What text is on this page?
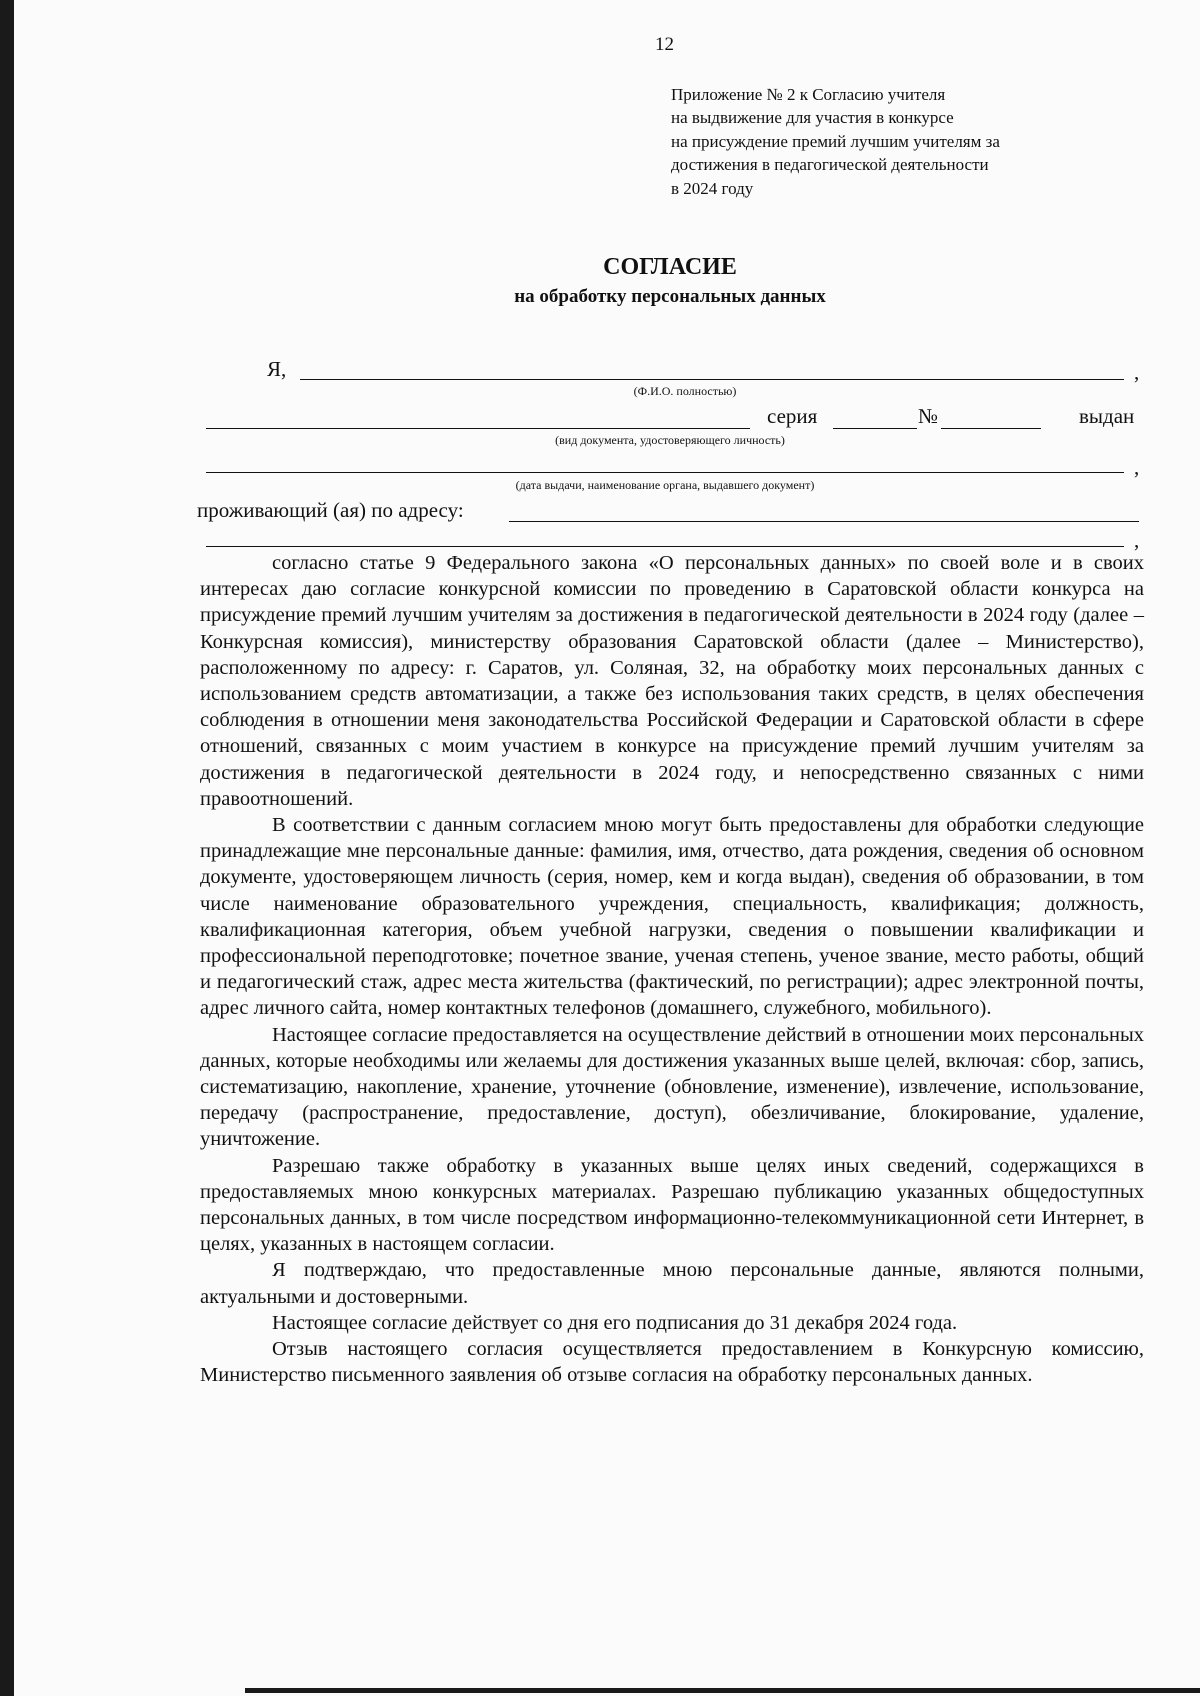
12
Приложение № 2 к Согласию учителя
на выдвижение для участия в конкурсе
на присуждение премий лучшим учителям за
достижения в педагогической деятельности
в 2024 году
СОГЛАСИЕ
на обработку персональных данных
Я,	,
(Ф.И.О. полностью)
серия	№	выдан
(вид документа, удостоверяющего личность)
,
(дата выдачи, наименование органа, выдавшего документ)
проживающий (ая) по адресу:
,

согласно статье 9 Федерального закона «О персональных данных» по своей воле и в своих интересах даю согласие конкурсной комиссии по проведению в Саратовской области конкурса на присуждение премий лучшим учителям за достижения в педагогической деятельности в 2024 году (далее – Конкурсная комиссия), министерству образования Саратовской области (далее – Министерство), расположенному по адресу: г. Саратов, ул. Соляная, 32, на обработку моих персональных данных с использованием средств автоматизации, а также без использования таких средств, в целях обеспечения соблюдения в отношении меня законодательства Российской Федерации и Саратовской области в сфере отношений, связанных с моим участием в конкурсе на присуждение премий лучшим учителям за достижения в педагогической деятельности в 2024 году, и непосредственно связанных с ними правоотношений.

В соответствии с данным согласием мною могут быть предоставлены для обработки следующие принадлежащие мне персональные данные: фамилия, имя, отчество, дата рождения, сведения об основном документе, удостоверяющем личность (серия, номер, кем и когда выдан), сведения об образовании, в том числе наименование образовательного учреждения, специальность, квалификация; должность, квалификационная категория, объем учебной нагрузки, сведения о повышении квалификации и профессиональной переподготовке; почетное звание, ученая степень, ученое звание, место работы, общий и педагогический стаж, адрес места жительства (фактический, по регистрации); адрес электронной почты, адрес личного сайта, номер контактных телефонов (домашнего, служебного, мобильного).

Настоящее согласие предоставляется на осуществление действий в отношении моих персональных данных, которые необходимы или желаемы для достижения указанных выше целей, включая: сбор, запись, систематизацию, накопление, хранение, уточнение (обновление, изменение), извлечение, использование, передачу (распространение, предоставление, доступ), обезличивание, блокирование, удаление, уничтожение.

Разрешаю также обработку в указанных выше целях иных сведений, содержащихся в предоставляемых мною конкурсных материалах. Разрешаю публикацию указанных общедоступных персональных данных, в том числе посредством информационно-телекоммуникационной сети Интернет, в целях, указанных в настоящем согласии.

Я подтверждаю, что предоставленные мною персональные данные, являются полными, актуальными и достоверными.

Настоящее согласие действует со дня его подписания до 31 декабря 2024 года.

Отзыв настоящего согласия осуществляется предоставлением в Конкурсную комиссию, Министерство письменного заявления об отзыве согласия на обработку персональных данных.
